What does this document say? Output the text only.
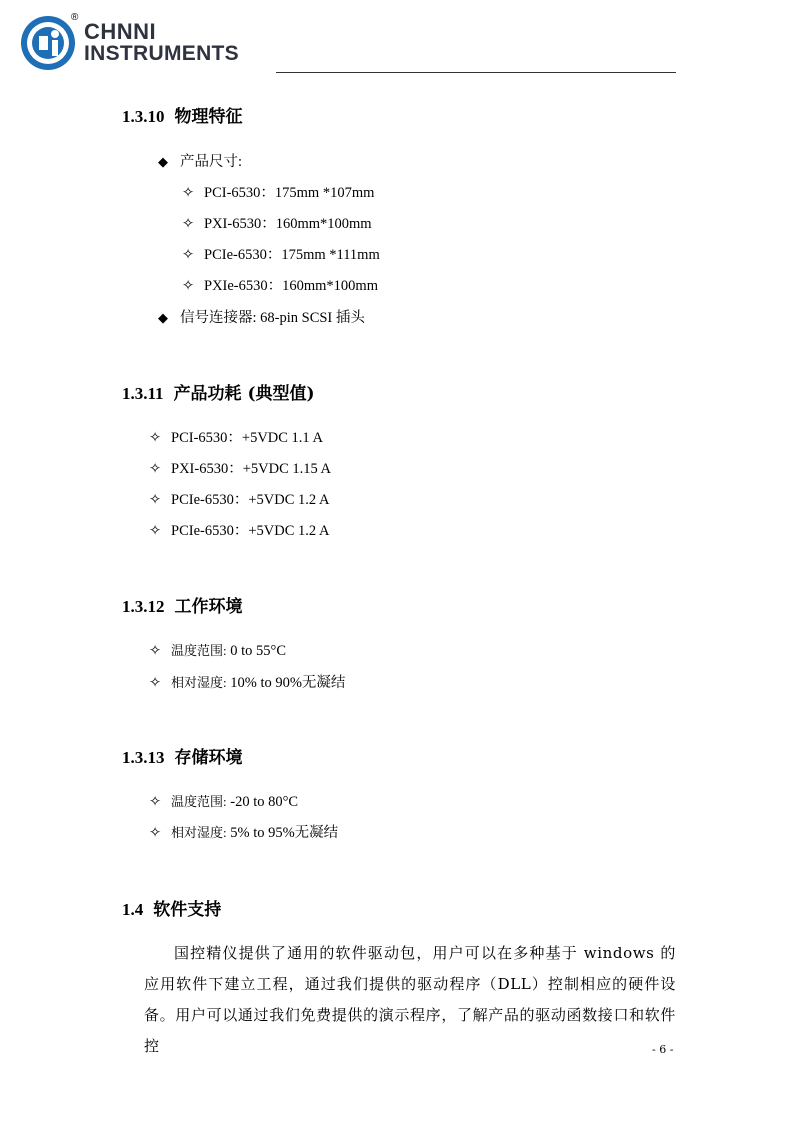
®
CHNNI
INSTRUMENTS
1.3.10 物理特征
◆ 产品尺寸:
✧ PCI-6530：175mm *107mm
✧ PXI-6530：160mm*100mm
✧ PCIe-6530：175mm *111mm
✧ PXIe-6530：160mm*100mm
◆ 信号连接器: 68-pin SCSI 插头
1.3.11 产品功耗 (典型值)
✧ PCI-6530：+5VDC 1.1 A
✧ PXI-6530：+5VDC 1.15 A
✧ PCIe-6530：+5VDC 1.2 A
✧ PCIe-6530：+5VDC 1.2 A
1.3.12 工作环境
✧ 温度范围: 0 to 55°C
✧ 相对湿度: 10% to 90%无凝结
1.3.13 存储环境
✧ 温度范围: -20 to 80°C
✧ 相对湿度: 5% to 95%无凝结
1.4 软件支持

国控精仪提供了通用的软件驱动包，用户可以在多种基于 windows 的应用软件下建立工程，通过我们提供的驱动程序（DLL）控制相应的硬件设备。用户可以通过我们免费提供的演示程序，了解产品的驱动函数接口和软件控	- 6 -
